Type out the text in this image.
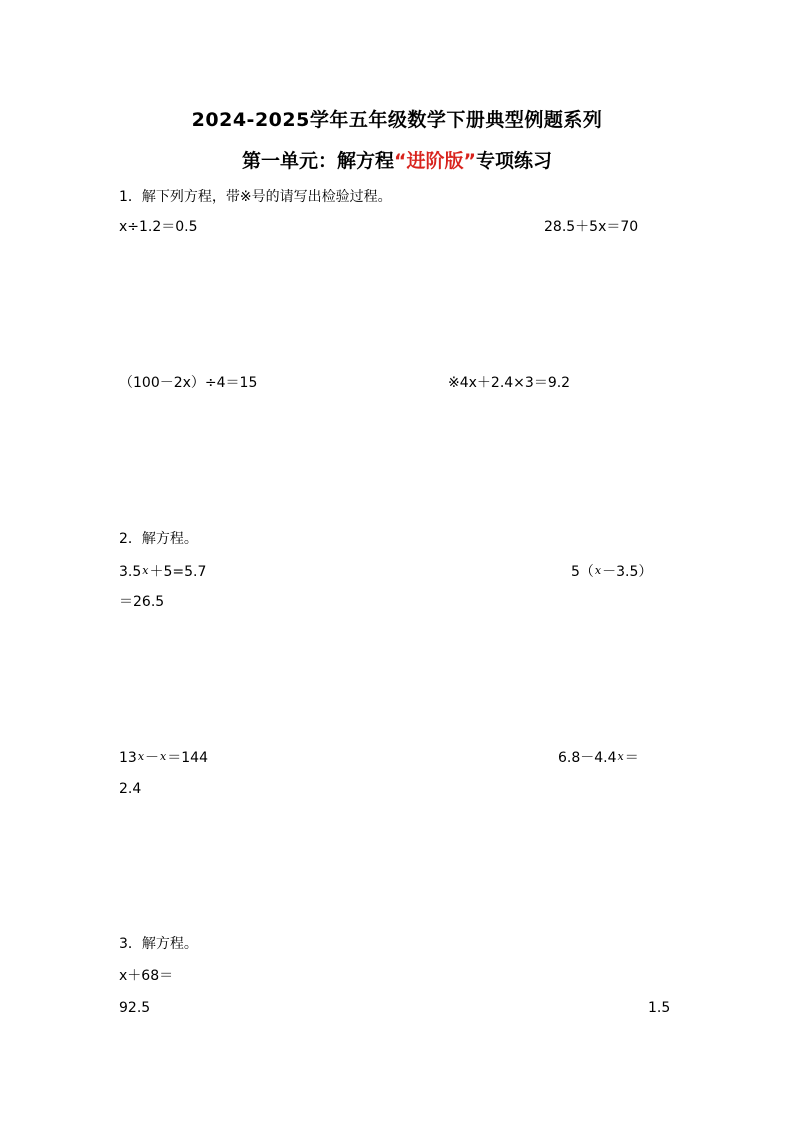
2024-2025学年五年级数学下册典型例题系列
第一单元：解方程“进阶版”专项练习
1．解下列方程，带※号的请写出检验过程。
x÷1.2＝0.5	28.5＋5x＝70
（100－2x）÷4＝15	※4x＋2.4×3＝9.2
2．解方程。
3.5x＋5=5.7	5（x－3.5）
＝26.5
13x－x＝144	6.8－4.4x＝
2.4
3．解方程。
x＋68＝
92.5	1.5
